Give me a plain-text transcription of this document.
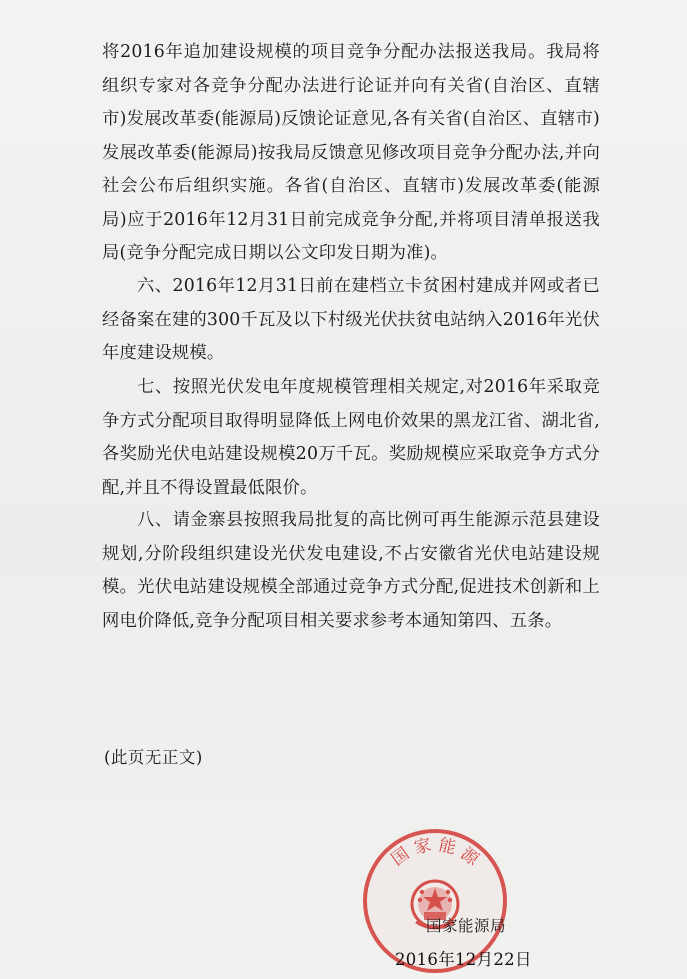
将2016年追加建设规模的项目竞争分配办法报送我局。我局将组织专家对各竞争分配办法进行论证并向有关省(自治区、直辖市)发展改革委(能源局)反馈论证意见,各有关省(自治区、直辖市)发展改革委(能源局)按我局反馈意见修改项目竞争分配办法,并向社会公布后组织实施。各省(自治区、直辖市)发展改革委(能源局)应于2016年12月31日前完成竞争分配,并将项目清单报送我局(竞争分配完成日期以公文印发日期为准)。

六、2016年12月31日前在建档立卡贫困村建成并网或者已经备案在建的300千瓦及以下村级光伏扶贫电站纳入2016年光伏年度建设规模。

七、按照光伏发电年度规模管理相关规定,对2016年采取竞争方式分配项目取得明显降低上网电价效果的黑龙江省、湖北省,各奖励光伏电站建设规模20万千瓦。奖励规模应采取竞争方式分配,并且不得设置最低限价。

八、请金寨县按照我局批复的高比例可再生能源示范县建设规划,分阶段组织建设光伏发电建设,不占安徽省光伏电站建设规模。光伏电站建设规模全部通过竞争方式分配,促进技术创新和上网电价降低,竞争分配项目相关要求参考本通知第四、五条。

(此页无正文)
国 家 能 源
国家能源局
2016年12月22日
